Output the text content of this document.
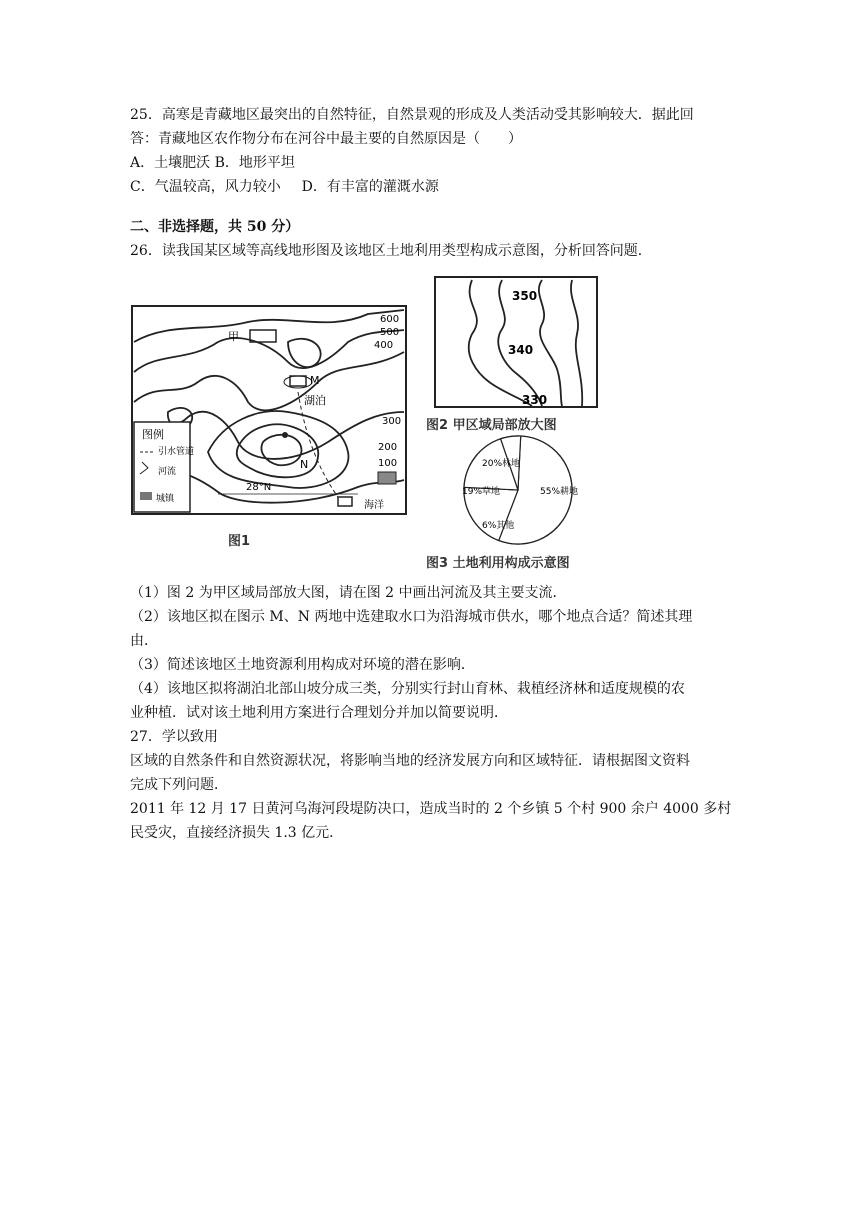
25．高寒是青藏地区最突出的自然特征，自然景观的形成及人类活动受其影响较大．据此回
答：青藏地区农作物分布在河谷中最主要的自然原因是（　　）
A．土壤肥沃 B．地形平坦
C．气温较高，风力较小 D．有丰富的灌溉水源
二、非选择题，共 50 分）
26．读我国某区域等高线地形图及该地区土地利用类型构成示意图，分析回答问题．
图例
引水管道
河流
城镇
甲
M
湖泊
N
28°N
海洋
600
500
400
300
200
100
图1
350
340
330
图2 甲区域局部放大图
55%耕地
20%林地
19%草地
6%其他
图3 土地利用构成示意图
（1）图 2 为甲区域局部放大图，请在图 2 中画出河流及其主要支流．
（2）该地区拟在图示 M、N 两地中选建取水口为沿海城市供水，哪个地点合适？简述其理
由．
（3）简述该地区土地资源利用构成对环境的潜在影响．
（4）该地区拟将湖泊北部山坡分成三类，分别实行封山育林、栽植经济林和适度规模的农
业种植．试对该土地利用方案进行合理划分并加以简要说明．
27．学以致用
区域的自然条件和自然资源状况，将影响当地的经济发展方向和区域特征．请根据图文资料
完成下列问题．
2011 年 12 月 17 日黄河乌海河段堤防决口，造成当时的 2 个乡镇 5 个村 900 余户 4000 多村
民受灾，直接经济损失 1.3 亿元．
